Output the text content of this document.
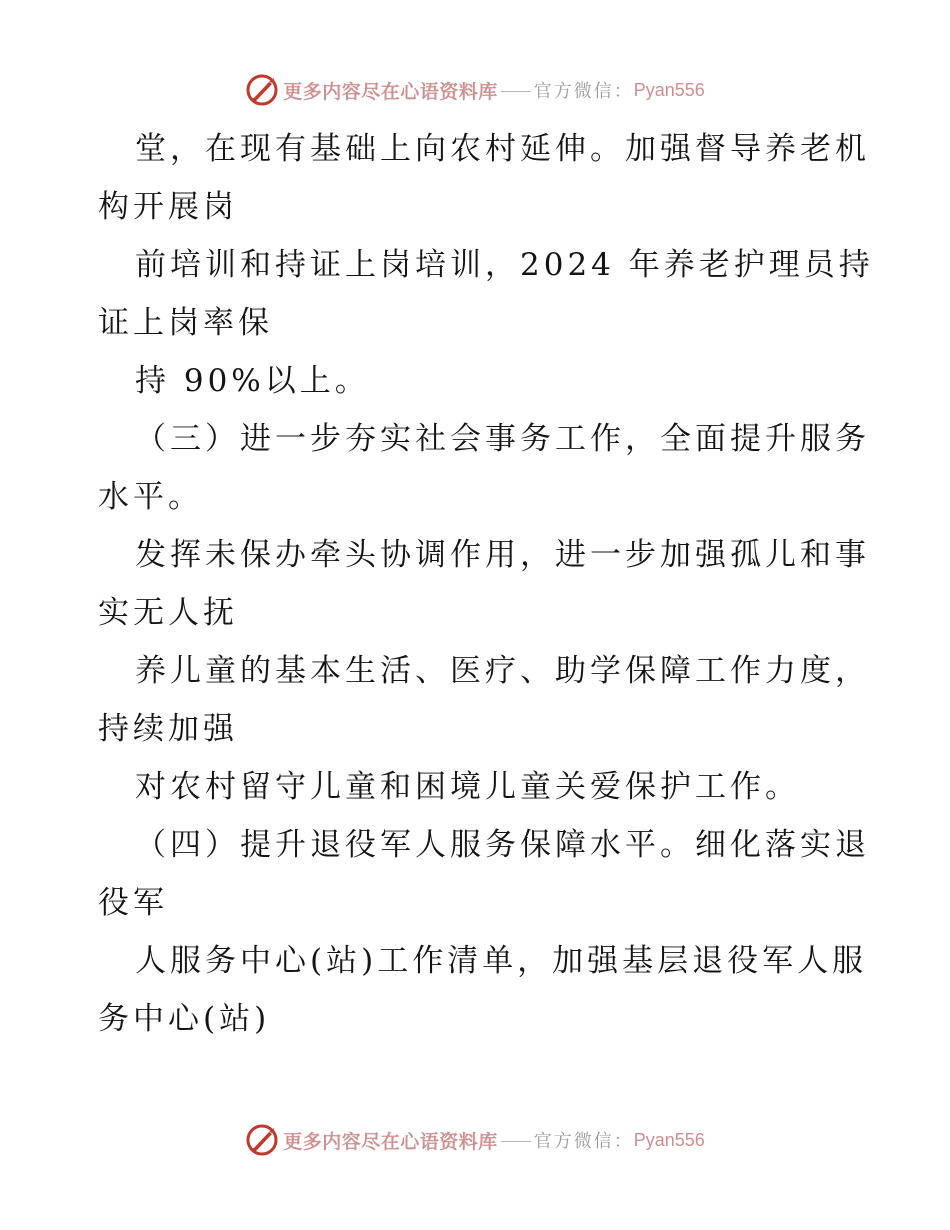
更多内容尽在心语资料库 官方微信： Pyan556
堂，在现有基础上向农村延伸。加强督导养老机
构开展岗
前培训和持证上岗培训，2024 年养老护理员持
证上岗率保
持 90%以上。
（三）进一步夯实社会事务工作，全面提升服务
水平。
发挥未保办牵头协调作用，进一步加强孤儿和事
实无人抚
养儿童的基本生活、医疗、助学保障工作力度，
持续加强
对农村留守儿童和困境儿童关爱保护工作。
（四）提升退役军人服务保障水平。细化落实退
役军
人服务中心(站)工作清单，加强基层退役军人服
务中心(站)
更多内容尽在心语资料库 官方微信： Pyan556
